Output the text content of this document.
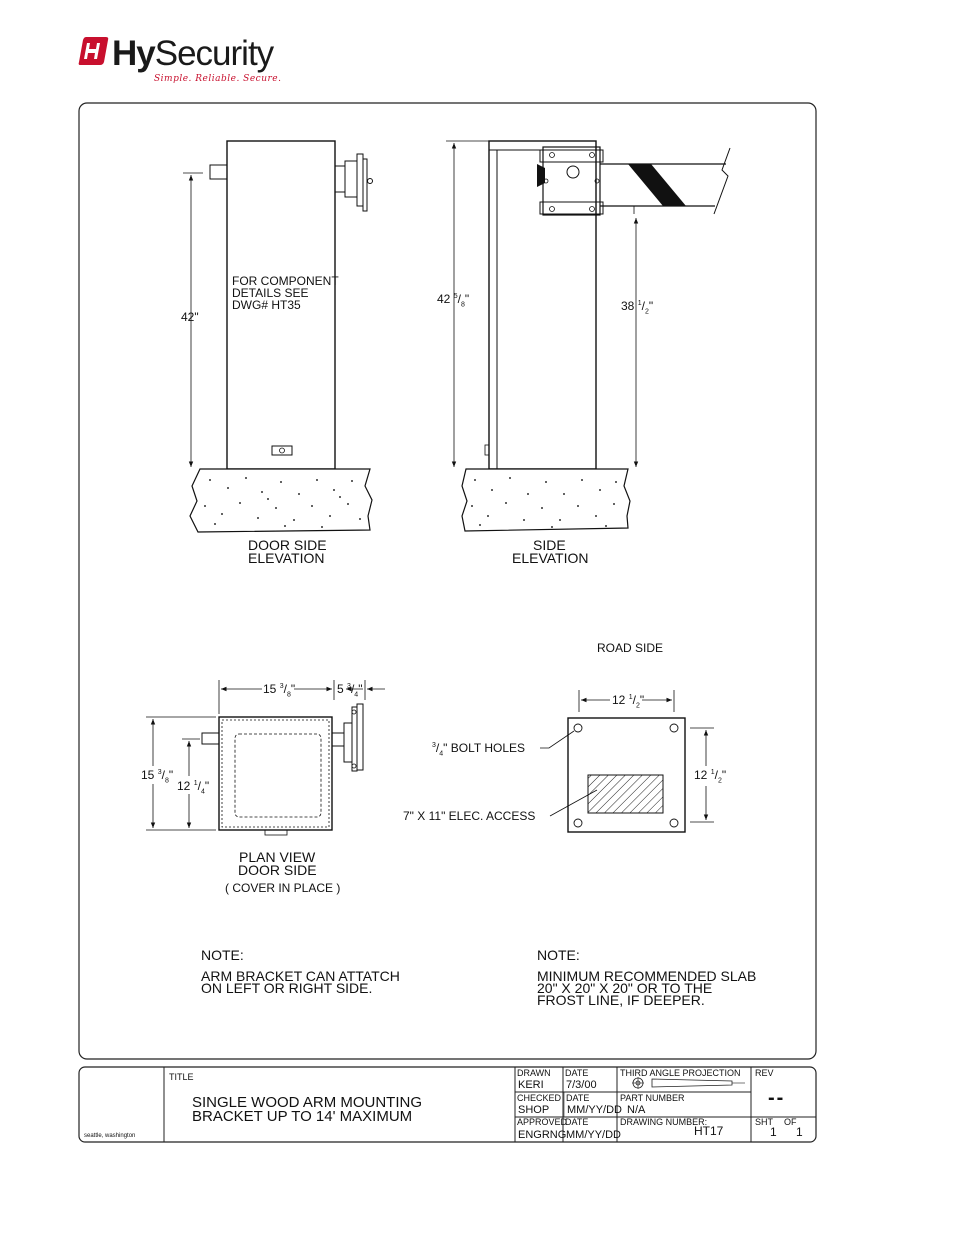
HySecurity
Simple. Reliable. Secure.
FOR COMPONENT
DETAILS SEE
DWG# HT35
42"
DOOR SIDE
ELEVATION
42 $^5/_8$"	38 $^1/_2$"
SIDE
ELEVATION
15 $^3/_8$"	5 $^3/_4$"
15 $^3/_8$"
12 $^1/_4$"
PLAN VIEW
DOOR SIDE
( COVER IN PLACE )
ROAD SIDE
12 $^1/_2$"
12 $^1/_2$"
$^3/_4$" BOLT HOLES
7" X 11" ELEC. ACCESS
NOTE:
ARM BRACKET CAN ATTATCH
ON LEFT OR RIGHT SIDE.
NOTE:
MINIMUM RECOMMENDED SLAB
20" X 20" X 20" OR TO THE
FROST LINE, IF DEEPER.
seattle, washington
TITLE
SINGLE WOOD ARM MOUNTING
BRACKET UP TO 14' MAXIMUM
DRAWN
KERI
DATE
7/3/00
CHECKED
SHOP
DATE
MM/YY/DD
APPROVED
ENGRNG
DATE
MM/YY/DD
THIRD ANGLE PROJECTION
PART NUMBER
N/A
DRAWING NUMBER:
HT17
REV
--
SHT OF
1 1
